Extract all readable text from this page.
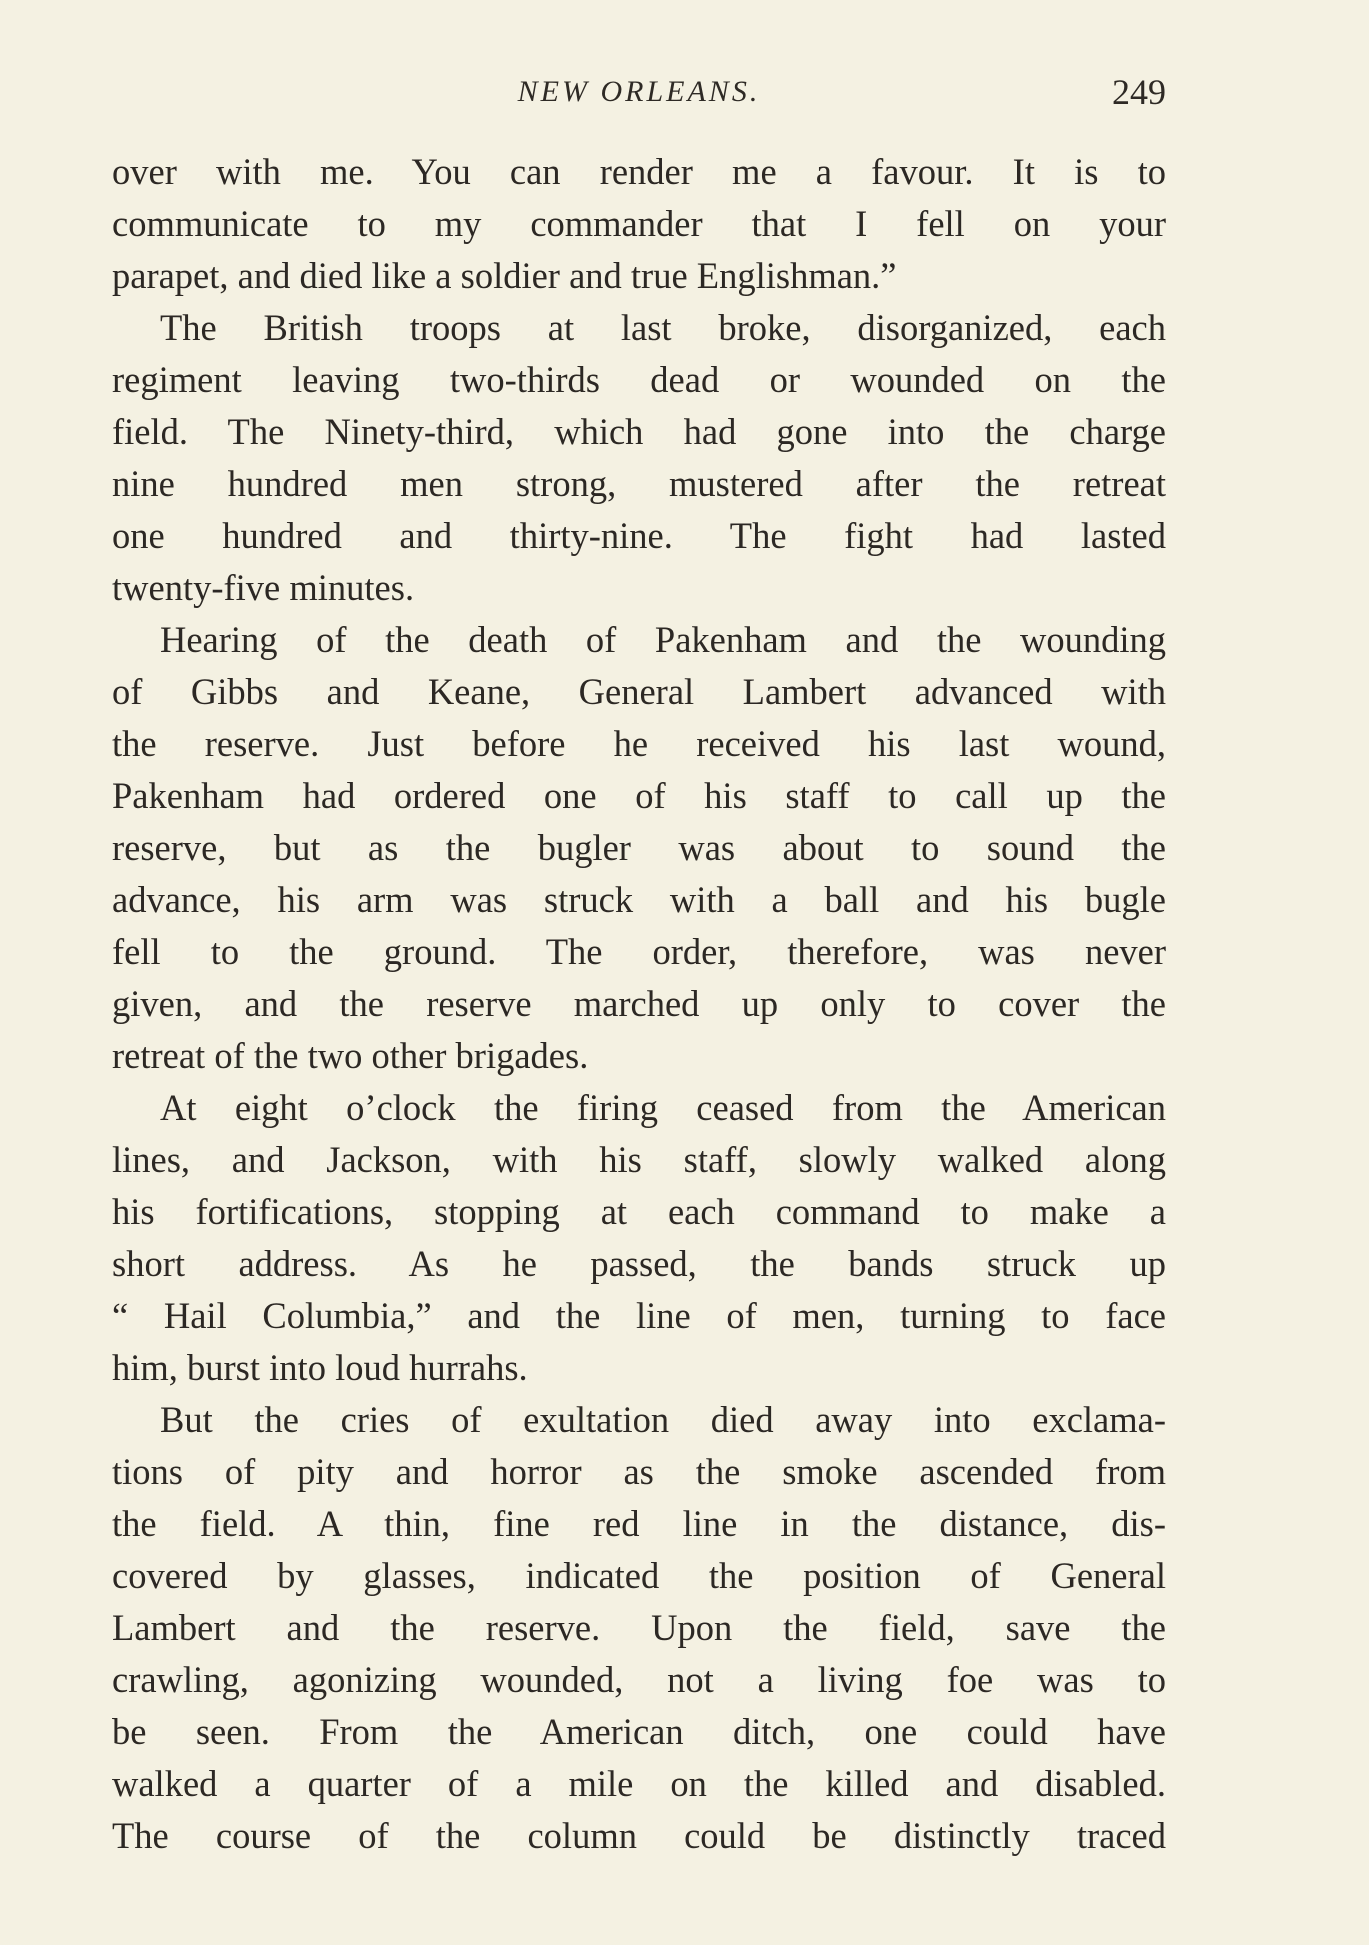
NEW ORLEANS.	249
over with me. You can render me a favour. It is to
communicate to my commander that I fell on your
parapet, and died like a soldier and true Englishman.”
The British troops at last broke, disorganized, each
regiment leaving two-thirds dead or wounded on the
field. The Ninety-third, which had gone into the charge
nine hundred men strong, mustered after the retreat
one hundred and thirty-nine. The fight had lasted
twenty-five minutes.
Hearing of the death of Pakenham and the wounding
of Gibbs and Keane, General Lambert advanced with
the reserve. Just before he received his last wound,
Pakenham had ordered one of his staff to call up the
reserve, but as the bugler was about to sound the
advance, his arm was struck with a ball and his bugle
fell to the ground. The order, therefore, was never
given, and the reserve marched up only to cover the
retreat of the two other brigades.
At eight o’clock the firing ceased from the American
lines, and Jackson, with his staff, slowly walked along
his fortifications, stopping at each command to make a
short address. As he passed, the bands struck up
“ Hail Columbia,” and the line of men, turning to face
him, burst into loud hurrahs.
But the cries of exultation died away into exclama-
tions of pity and horror as the smoke ascended from
the field. A thin, fine red line in the distance, dis-
covered by glasses, indicated the position of General
Lambert and the reserve. Upon the field, save the
crawling, agonizing wounded, not a living foe was to
be seen. From the American ditch, one could have
walked a quarter of a mile on the killed and disabled.
The course of the column could be distinctly traced
